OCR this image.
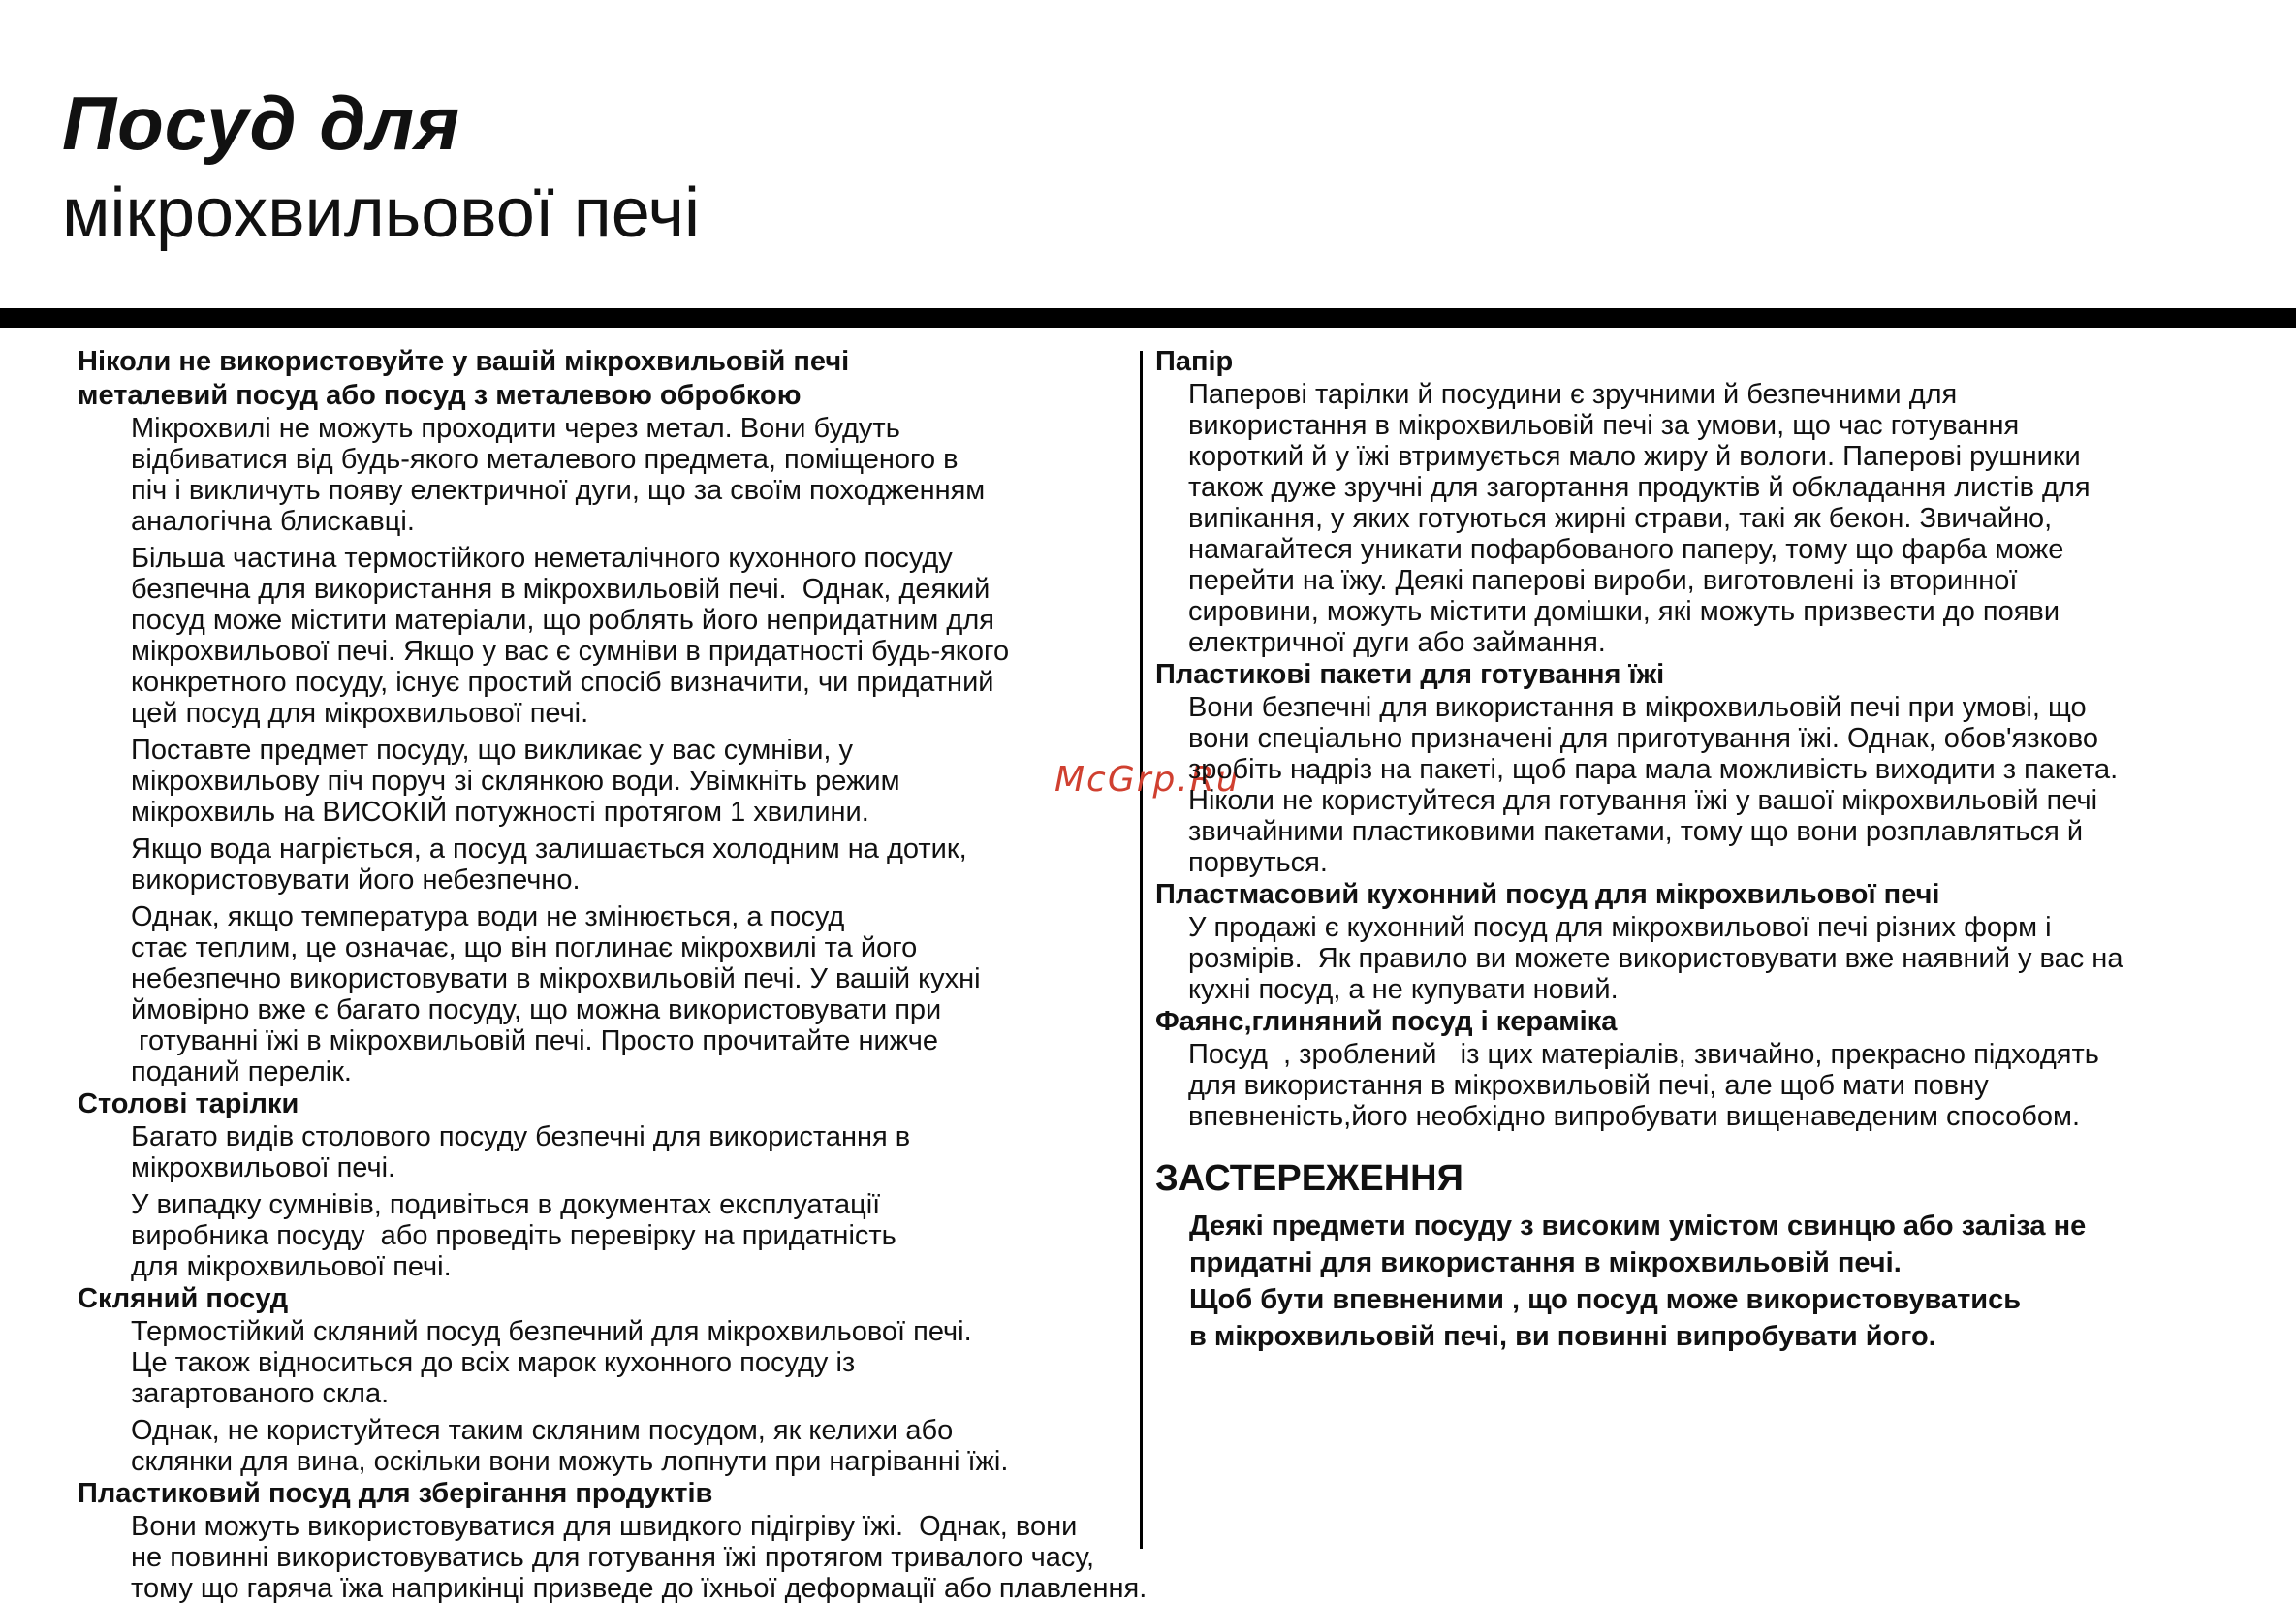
Посуд для
мікрохвильової печі
McGrp.Ru
Ніколи не використовуйте у вашій мікрохвильовій печі
металевий посуд або посуд з металевою обробкою
Мікрохвилі не можуть проходити через метал. Вони будуть
відбиватися від будь-якого металевого предмета, поміщеного в
піч і викличуть появу електричної дуги, що за своїм походженням
аналогічна блискавці.
Більша частина термостійкого неметалічного кухонного посуду
безпечна для використання в мікрохвильовій печі.  Однак, деякий
посуд може містити матеріали, що роблять його непридатним для
мікрохвильової печі. Якщо у вас є сумніви в придатності будь-якого
конкретного посуду, існує простий спосіб визначити, чи придатний
цей посуд для мікрохвильової печі.
Поставте предмет посуду, що викликає у вас сумніви, у
мікрохвильову піч поруч зі склянкою води. Увімкніть режим
мікрохвиль на ВИСОКІЙ потужності протягом 1 хвилини.
Якщо вода нагріється, а посуд залишається холодним на дотик,
використовувати його небезпечно.
Однак, якщо температура води не змінюється, а посуд
стає теплим, це означає, що він поглинає мікрохвилі та його
небезпечно використовувати в мікрохвильовій печі. У вашій кухні
ймовірно вже є багато посуду, що можна використовувати при
готуванні їжі в мікрохвильовій печі. Просто прочитайте нижче
поданий перелік.
Столові тарілки
Багато видів столового посуду безпечні для використання в
мікрохвильової печі.
У випадку сумнівів, подивіться в документах експлуатації
виробника посуду  або проведіть перевірку на придатність
для мікрохвильової печі.
Скляний посуд
Термостійкий скляний посуд безпечний для мікрохвильової печі.
Це також відноситься до всіх марок кухонного посуду із
загартованого скла.
Однак, не користуйтеся таким скляним посудом, як келихи або
склянки для вина, оскільки вони можуть лопнути при нагріванні їжі.
Пластиковий посуд для зберігання продуктів
Вони можуть використовуватися для швидкого підігріву їжі.  Однак, вони
не повинні використовуватись для готування їжі протягом тривалого часу,
тому що гаряча їжа наприкінці призведе до їхньої деформації або плавлення.
Папір
Паперові тарілки й посудини є зручними й безпечними для
використання в мікрохвильовій печі за умови, що час готування
короткий й у їжі втримується мало жиру й вологи. Паперові рушники
також дуже зручні для загортання продуктів й обкладання листів для
випікання, у яких готуються жирні страви, такі як бекон. Звичайно,
намагайтеся уникати пофарбованого паперу, тому що фарба може
перейти на їжу. Деякі паперові вироби, виготовлені із вторинної
сировини, можуть містити домішки, які можуть призвести до появи
електричної дуги або займання.
Пластикові пакети для готування їжі
Вони безпечні для використання в мікрохвильовій печі при умові, що
вони спеціально призначені для приготування їжі. Однак, обов'язково
зробіть надріз на пакеті, щоб пара мала можливість виходити з пакета.
Ніколи не користуйтеся для готування їжі у вашої мікрохвильовій печі
звичайними пластиковими пакетами, тому що вони розплавляться й
порвуться.
Пластмасовий кухонний посуд для мікрохвильової печі
У продажі є кухонний посуд для мікрохвильової печі різних форм і
розмірів.  Як правило ви можете використовувати вже наявний у вас на
кухні посуд, а не купувати новий.
Фаянс,глиняний посуд і кераміка
Посуд  , зроблений   із цих матеріалів, звичайно, прекрасно підходять
для використання в мікрохвильовій печі, але щоб мати повну
впевненість,його необхідно випробувати вищенаведеним способом.
ЗАСТЕРЕЖЕННЯ
Деякі предмети посуду з високим умістом свинцю або заліза не
придатні для використання в мікрохвильовій печі.
Щоб бути впевненими , що посуд може використовуватись
в мікрохвильовій печі, ви повинні випробувати його.
